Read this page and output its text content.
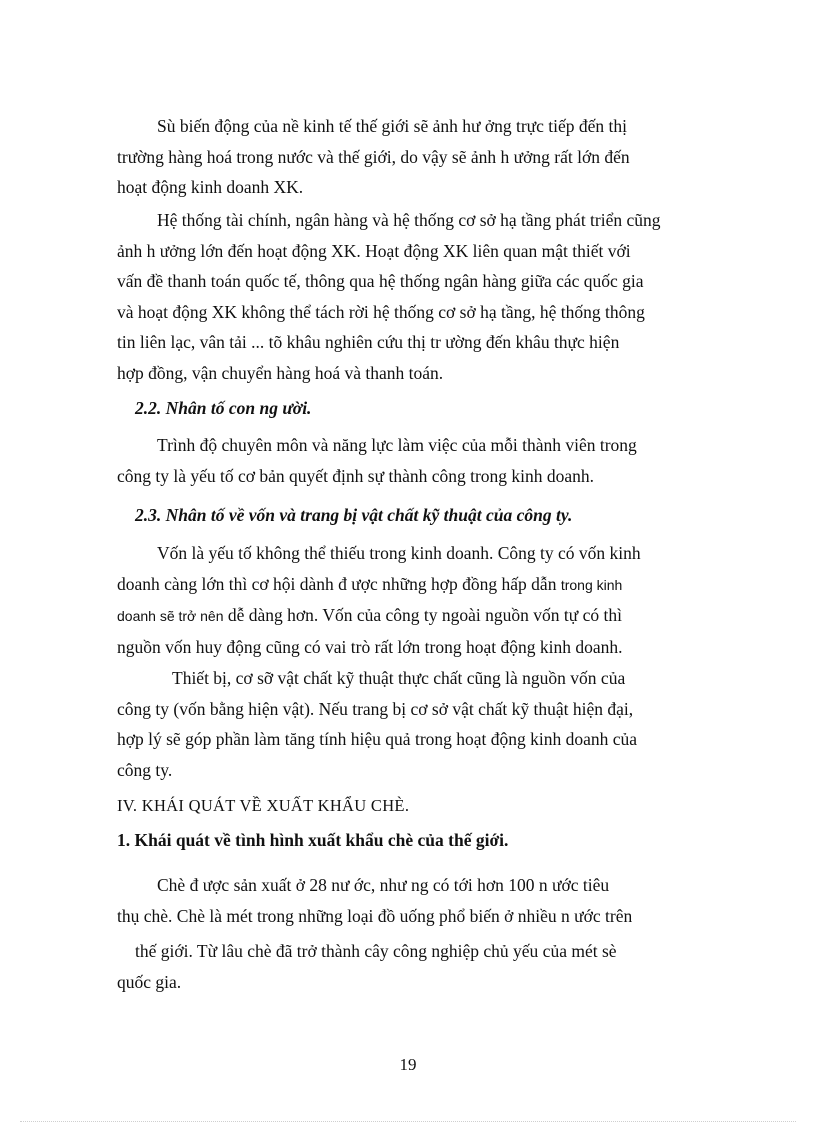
Sù biến động của nề kinh tế thế giới sẽ ảnh hư ởng trực tiếp đến thị
trường hàng hoá trong nước và thế giới, do vậy sẽ ảnh h ưởng rất lớn đến
hoạt động kinh doanh XK.

Hệ thống tài chính, ngân hàng và hệ thống cơ sở hạ tầng phát triển cũng
ảnh h ưởng lớn đến hoạt động XK. Hoạt động XK liên quan mật thiết với
vấn đề thanh toán quốc tế, thông qua hệ thống ngân hàng giữa các quốc gia
và hoạt động XK không thể tách rời hệ thống cơ sở hạ tầng, hệ thống thông
tin liên lạc, vân tải ... tõ khâu nghiên cứu thị tr ường đến khâu thực hiện
hợp đồng, vận chuyển hàng hoá và thanh toán.

2.2. Nhân tố con ng ười.

Trình độ chuyên môn và năng lực làm việc của mỗi thành viên trong
công ty là yếu tố cơ bản quyết định sự thành công trong kinh doanh.

2.3. Nhân tố về vốn và trang bị vật chất kỹ thuật của công ty.

Vốn là yếu tố không thể thiếu trong kinh doanh. Công ty có vốn kinh
doanh càng lớn thì cơ hội dành đ ược những hợp đồng hấp dẫn trong kinh
doanh sẽ trở nên dễ dàng hơn. Vốn của công ty ngoài nguồn vốn tự có thì
nguồn vốn huy động cũng có vai trò rất lớn trong hoạt động kinh doanh.

Thiết bị, cơ sỡ vật chất kỹ thuật thực chất cũng là nguồn vốn của
công ty (vốn bằng hiện vật). Nếu trang bị cơ sở vật chất kỹ thuật hiện đại,
hợp lý sẽ góp phần làm tăng tính hiệu quả trong hoạt động kinh doanh của
công ty.

IV. KHÁI QUÁT VỀ XUẤT KHẨU CHÈ.

1. Khái quát về tình hình xuất khẩu chè của thế giới.

Chè đ ược sản xuất ở 28 nư ớc, như ng có tới hơn 100 n ước tiêu
thụ chè. Chè là mét trong những loại đồ uống phổ biến ở nhiều n ước trên
thế giới. Từ lâu chè đã trở thành cây công nghiệp chủ yếu của mét sè
quốc gia.

19
